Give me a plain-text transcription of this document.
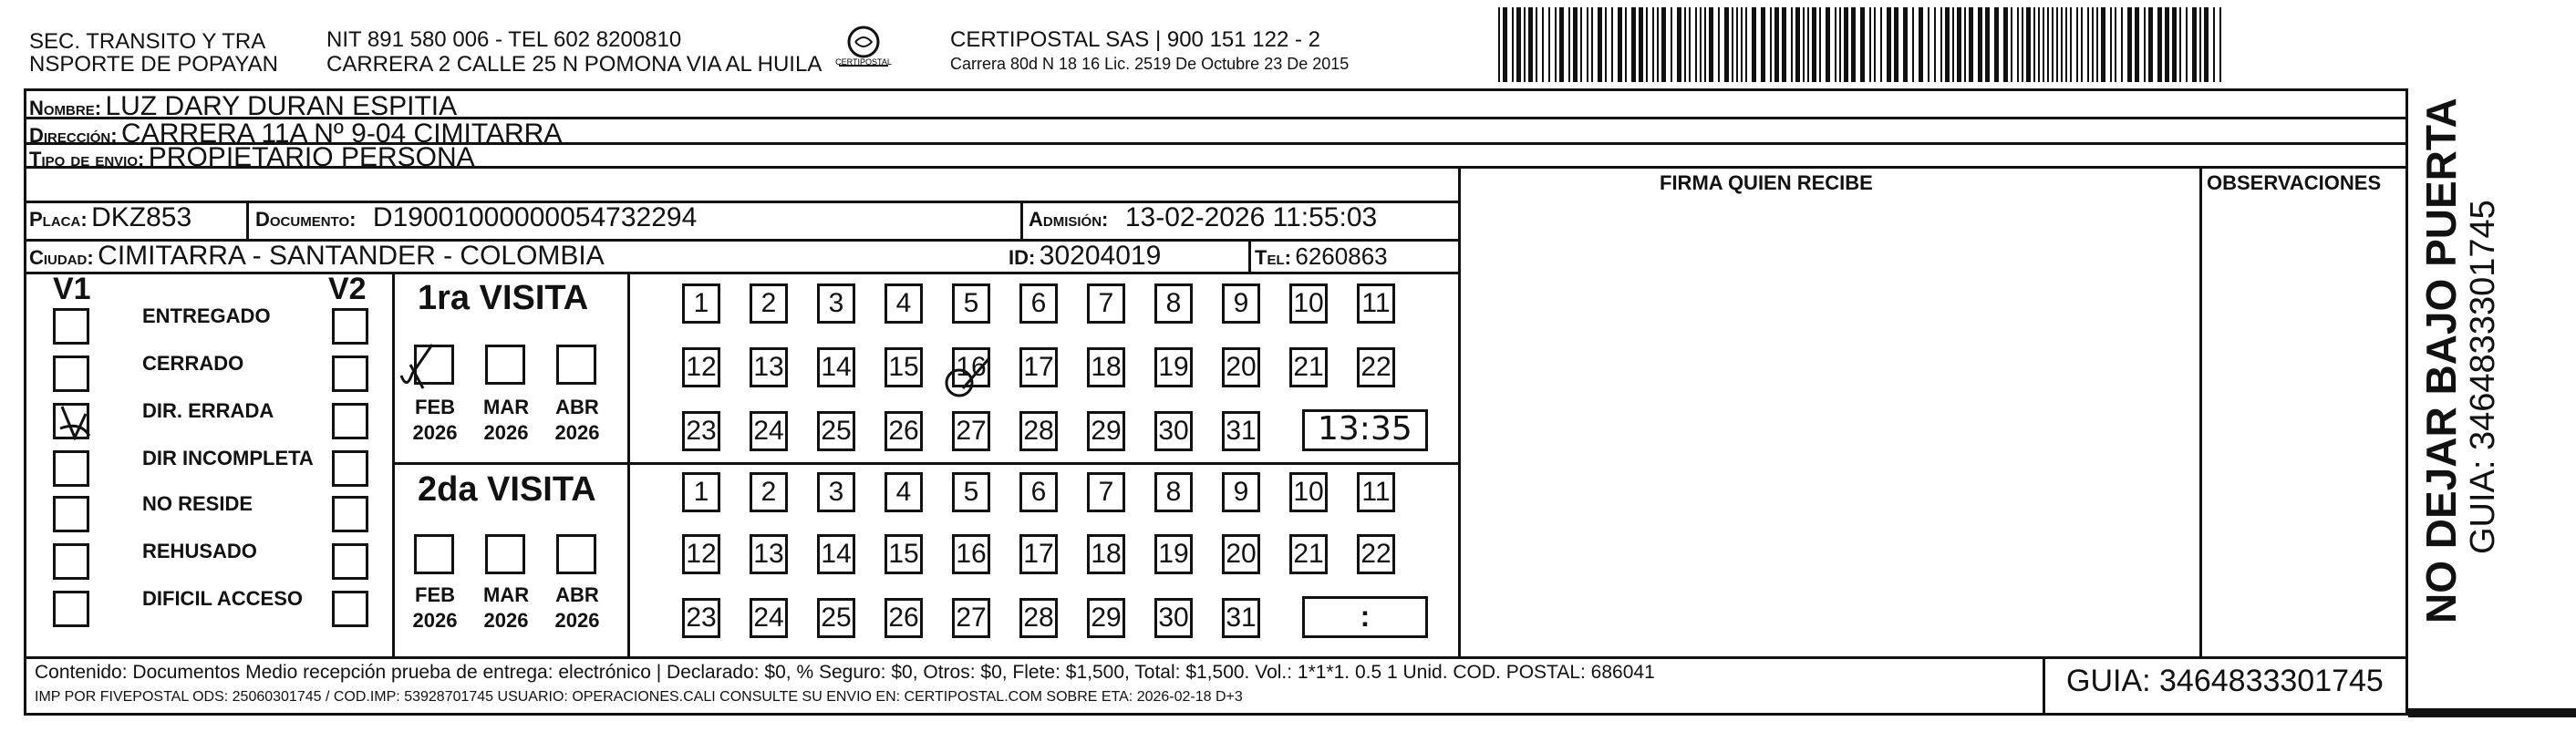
SEC. TRANSITO Y TRA
NSPORTE DE POPAYAN
NIT 891 580 006 - TEL 602 8200810
CARRERA 2 CALLE 25 N POMONA VIA AL HUILA CERTIPOSTAL
CERTIPOSTAL SAS | 900 151 122 - 2
Carrera 80d N 18 16 Lic. 2519 De Octubre 23 De 2015
Nombre: LUZ DARY DURAN ESPITIA
Dirección: CARRERA 11A Nº 9-04 CIMITARRA
Tipo de envio: PROPIETARIO PERSONA
FIRMA QUIEN RECIBE	OBSERVACIONES
Placa: DKZ853	Documento: D19001000000054732294	Admisión: 13-02-2026 11:55:03
Ciudad: CIMITARRA - SANTANDER - COLOMBIA	ID: 30204019	Tel: 6260863
V1	V2
ENTREGADO
CERRADO
DIR. ERRADA
DIR INCOMPLETA
NO RESIDE
REHUSADO
DIFICIL ACCESO
1ra VISITA
FEB
2026
MAR
2026
ABR
2026
1	2	3	4	5	6	7	8	9	10 11
12 13 14 15 16 17 18 19 20 21 22
23 24 25 26 27 28 29 30 31 13:35
2da VISITA
FEB
2026
MAR
2026
ABR
2026
1	2	3	4	5	6	7	8	9	10 11
12 13 14 15 16 17 18 19 20 21 22
23 24 25 26 27 28 29 30 31	:
Contenido: Documentos Medio recepción prueba de entrega: electrónico | Declarado: $0, % Seguro: $0, Otros: $0, Flete: $1,500, Total: $1,500. Vol.: 1*1*1. 0.5 1 Unid. COD. POSTAL: 686041
IMP POR FIVEPOSTAL ODS: 25060301745 / COD.IMP: 53928701745 USUARIO: OPERACIONES.CALI CONSULTE SU ENVIO EN: CERTIPOSTAL.COM SOBRE ETA: 2026-02-18 D+3	GUIA: 3464833301745
NO DEJAR BAJO PUERTA GUIA: 3464833301745
